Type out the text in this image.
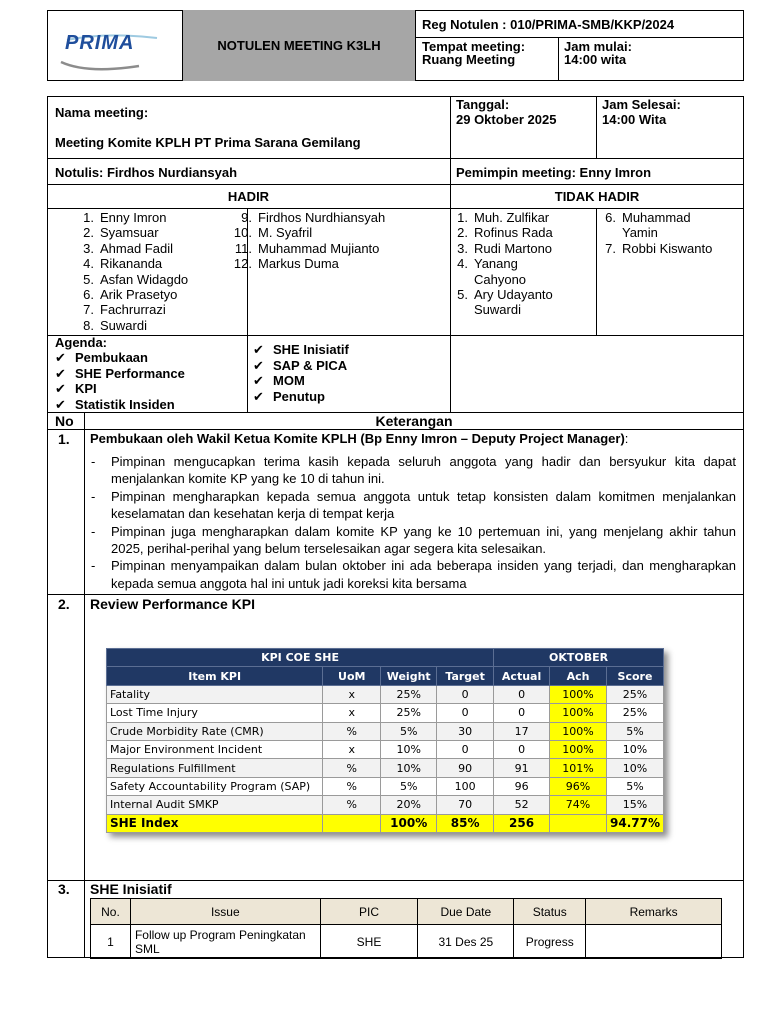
PRIMA	NOTULEN MEETING K3LH
Reg Notulen : 010/PRIMA-SMB/KKP/2024
Tempat meeting:
Ruang Meeting
Jam mulai:
14:00 wita
Nama meeting:
Meeting Komite KPLH PT Prima Sarana Gemilang
Tanggal:
29 Oktober 2025
Jam Selesai:
14:00 Wita
Notulis: Firdhos Nurdiansyah	Pemimpin meeting: Enny Imron
HADIR	TIDAK HADIR
1. Enny Imron
2. Syamsuar
3. Ahmad Fadil
4. Rikananda
5. Asfan Widagdo
6. Arik Prasetyo
7. Fachrurrazi
8. Suwardi
9. Firdhos Nurdhiansyah
10. M. Syafril
11. Muhammad Mujianto
12. Markus Duma
1. Muh. Zulfikar
2. Rofinus Rada
3. Rudi Martono
4. Yanang Cahyono
5. Ary Udayanto Suwardi
6. Muhammad Yamin
7. Robbi Kiswanto
Agenda:
✔ Pembukaan
✔ SHE Performance
✔ KPI
✔ Statistik Insiden
✔ SHE Inisiatif
✔ SAP & PICA
✔ MOM
✔ Penutup
No	Keterangan
1. Pembukaan oleh Wakil Ketua Komite KPLH (Bp Enny Imron – Deputy Project Manager):
- Pimpinan mengucapkan terima kasih kepada seluruh anggota yang hadir dan bersyukur kita dapat menjalankan komite KP yang ke 10 di tahun ini.
- Pimpinan mengharapkan kepada semua anggota untuk tetap konsisten dalam komitmen menjalankan keselamatan dan kesehatan kerja di tempat kerja
- Pimpinan juga mengharapkan dalam komite KP yang ke 10 pertemuan ini, yang menjelang akhir tahun 2025, perihal-perihal yang belum terselesaikan agar segera kita selesaikan.
- Pimpinan menyampaikan dalam bulan oktober ini ada beberapa insiden yang terjadi, dan mengharapkan kepada semua anggota hal ini untuk jadi koreksi kita bersama
2. Review Performance KPI
KPI COE SHE				OKTOBER		
Item KPI	UoM	Weight	Target	Actual	Ach	Score
Fatality	x	25%	0	0	100%	25%
Lost Time Injury	x	25%	0	0	100%	25%
Crude Morbidity Rate (CMR)	%	5%	30	17	100%	5%
Major Environment Incident	x	10%	0	0	100%	10%
Regulations Fulfillment	%	10%	90	91	101%	10%
Safety Accountability Program (SAP)	%	5%	100	96	96%	5%
Internal Audit SMKP	%	20%	70	52	74%	15%
SHE Index		100%	85%	256		94.77%
3. SHE Inisiatif
No.	Issue	PIC	Due Date	Status	Remarks
1	Follow up Program Peningkatan SML	SHE	31 Des 25	Progress	
